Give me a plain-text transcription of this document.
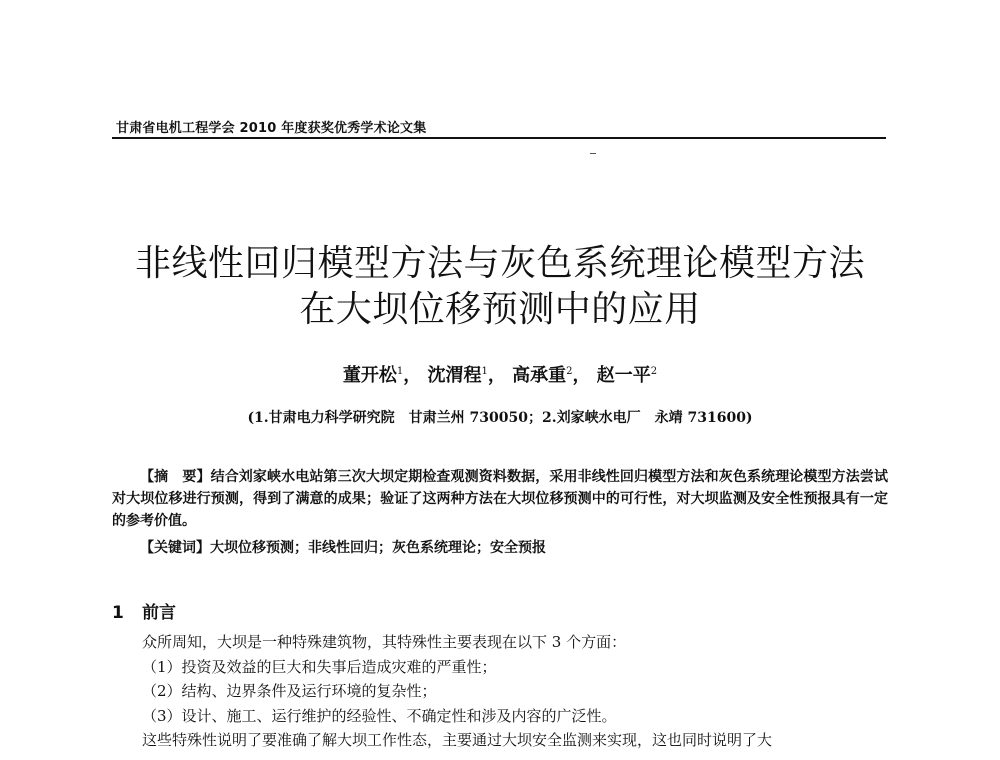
甘肃省电机工程学会 2010 年度获奖优秀学术论文集
非线性回归模型方法与灰色系统理论模型方法
在大坝位移预测中的应用
董开松$^1$， 沈渭程$^1$， 高承重$^2$， 赵一平$^2$
(1.甘肃电力科学研究院　甘肃兰州 730050；2.刘家峡水电厂　永靖 731600)

【摘　要】结合刘家峡水电站第三次大坝定期检查观测资料数据，采用非线性回归模型方法和灰色系统理论模型方法尝试对大坝位移进行预测，得到了满意的成果；验证了这两种方法在大坝位移预测中的可行性，对大坝监测及安全性预报具有一定的参考价值。

【关键词】大坝位移预测；非线性回归；灰色系统理论；安全预报

1 前言

众所周知，大坝是一种特殊建筑物，其特殊性主要表现在以下 3 个方面：

（1）投资及效益的巨大和失事后造成灾难的严重性；

（2）结构、边界条件及运行环境的复杂性；

（3）设计、施工、运行维护的经验性、不确定性和涉及内容的广泛性。

这些特殊性说明了要准确了解大坝工作性态，主要通过大坝安全监测来实现，这也同时说明了大
